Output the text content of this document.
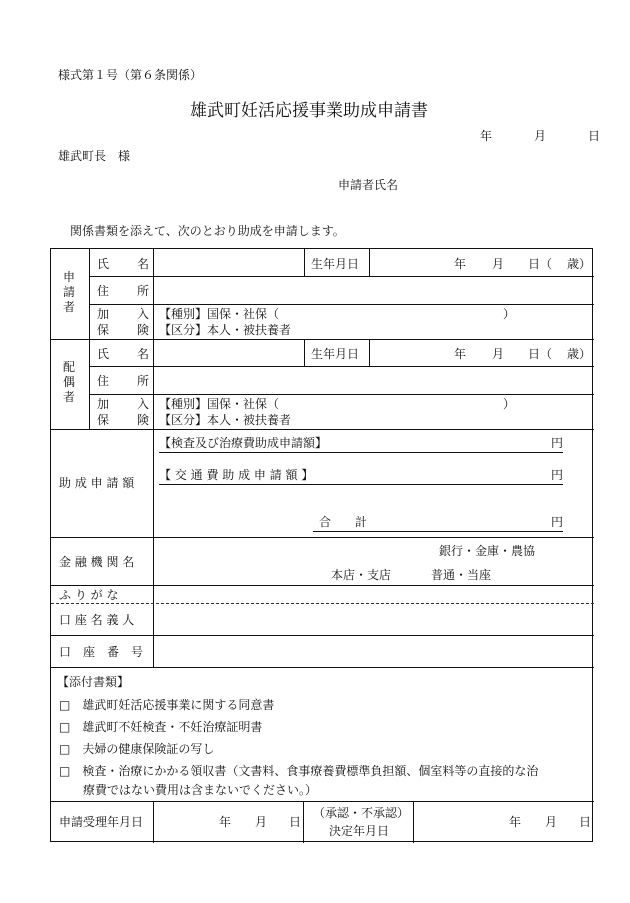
様式第１号（第６条関係）
雄武町妊活応援事業助成申請書
年	月	日
雄武町長　様
申請者氏名
関係書類を添えて、次のとおり助成を申請します。
申請者
氏 名	生年月日	年 月 日（ 歳）
住 所
加 入
保 険
【種別】国保・社保（	）
【区分】本人・被扶養者
配偶者
氏 名	生年月日	年 月 日（ 歳）
住 所
加 入
保 険
【種別】国保・社保（	）
【区分】本人・被扶養者
助 成 申 請 額
【検査及び治療費助成申請額】	円
【 交 通 費 助 成 申 請 額 】	円
合　　計	円
金 融 機 関 名
銀行・金庫・農協
本店・支店	普通・当座
ふ り が な
口 座 名 義 人
口　座　番　号
【添付書類】
□　雄武町妊活応援事業に関する同意書
□　雄武町不妊検査・不妊治療証明書
□　夫婦の健康保険証の写し
□　検査・治療にかかる領収書（文書料、食事療養費標準負担額、個室料等の直接的な治
　　療費ではない費用は含まないでください。）
申請受理年月日	年 月 日
（承認・不承認）
決定年月日
年 月 日
